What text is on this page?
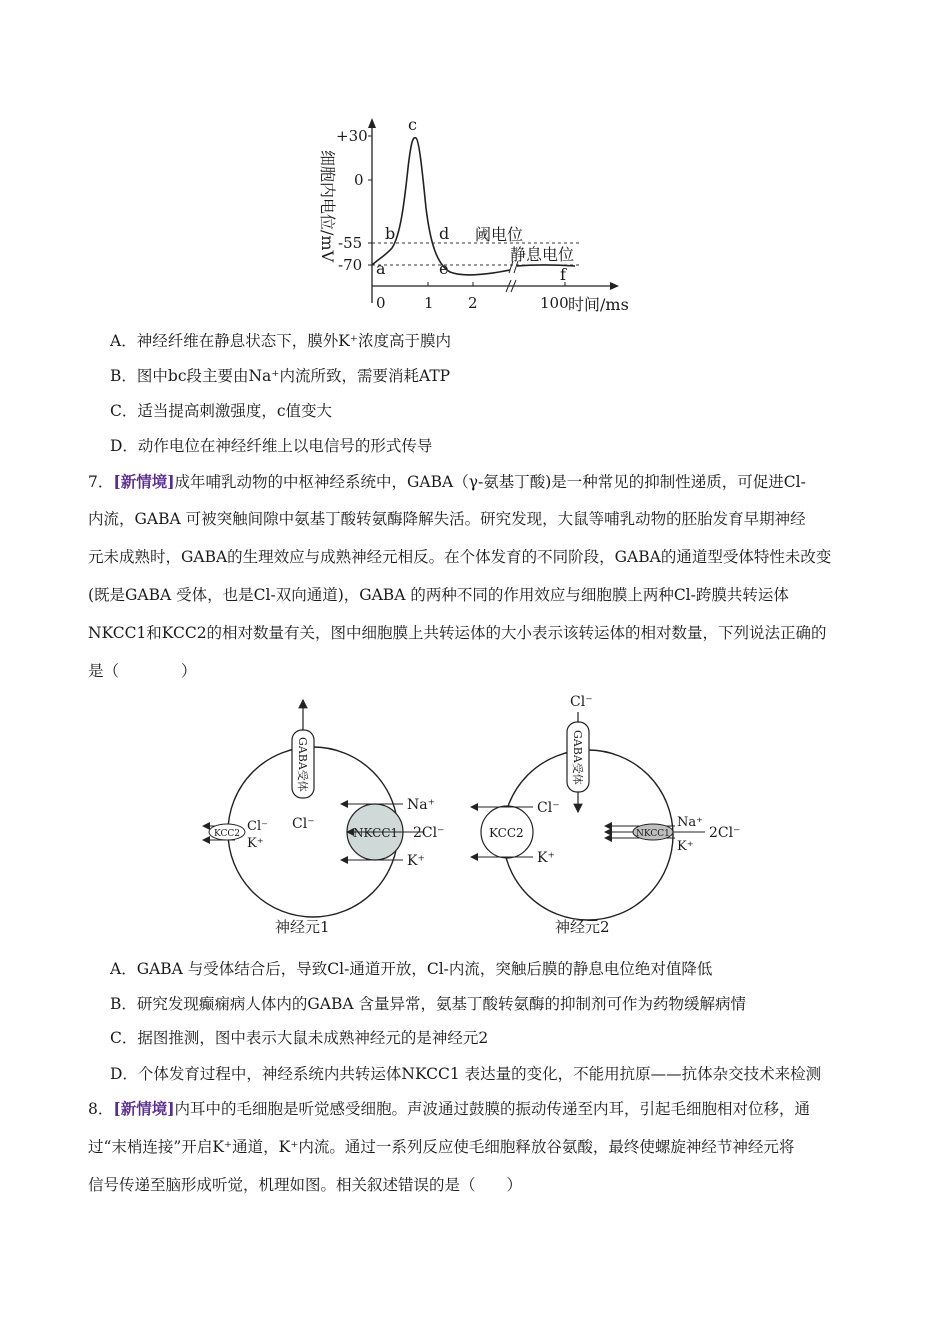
细胞内电位/mV
+30
0
-55
-70
0	1 2	100 时间/ms
a
b
c
d
e	f
阈电位
静息电位
A．神经纤维在静息状态下，膜外K⁺浓度高于膜内
B．图中bc段主要由Na⁺内流所致，需要消耗ATP
C．适当提高刺激强度，c值变大
D．动作电位在神经纤维上以电信号的形式传导
7．[新情境]成年哺乳动物的中枢神经系统中，GABA（γ-氨基丁酸)是一种常见的抑制性递质，可促进Cl-
内流，GABA 可被突触间隙中氨基丁酸转氨酶降解失活。研究发现，大鼠等哺乳动物的胚胎发育早期神经
元未成熟时，GABA的生理效应与成熟神经元相反。在个体发育的不同阶段，GABA的通道型受体特性未改变
(既是GABA 受体，也是Cl-双向通道)，GABA 的两种不同的作用效应与细胞膜上两种Cl-跨膜共转运体
NKCC1和KCC2的相对数量有关，图中细胞膜上共转运体的大小表示该转运体的相对数量，下列说法正确的
是（　　　　）
GABA受体
Cl⁻
KCC2 Cl⁻
K⁺
NKCC1
Na⁺
2Cl⁻
K⁺
神经元1
Cl⁻
GABA受体
KCC2
Cl⁻
K⁺
NKCC1
Na⁺
2Cl⁻
K⁺
神经元2
A．GABA 与受体结合后，导致Cl-通道开放，Cl-内流，突触后膜的静息电位绝对值降低
B．研究发现癫痫病人体内的GABA 含量异常，氨基丁酸转氨酶的抑制剂可作为药物缓解病情
C．据图推测，图中表示大鼠未成熟神经元的是神经元2
D．个体发育过程中，神经系统内共转运体NKCC1 表达量的变化，不能用抗原——抗体杂交技术来检测
8．[新情境]内耳中的毛细胞是听觉感受细胞。声波通过鼓膜的振动传递至内耳，引起毛细胞相对位移，通
过“末梢连接”开启K⁺通道，K⁺内流。通过一系列反应使毛细胞释放谷氨酸，最终使螺旋神经节神经元将
信号传递至脑形成听觉，机理如图。相关叙述错误的是（　　）
